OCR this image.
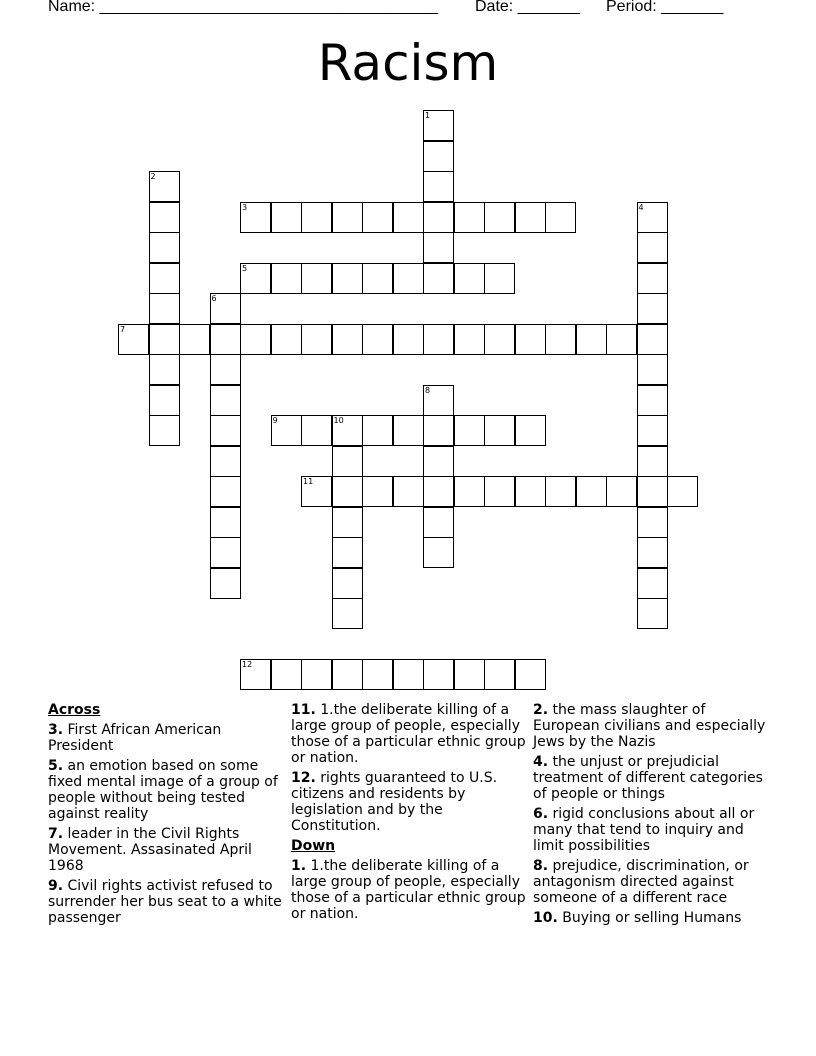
Name: ______________________________________ Date: _______ Period: _______
Racism
1
2
3	4
5
6
7
8
9	10
11
12
Across
3. First African American President
5. an emotion based on some fixed mental image of a group of people without being tested against reality
7. leader in the Civil Rights Movement. Assasinated April 1968
9. Civil rights activist refused to surrender her bus seat to a white passenger
11. 1.the deliberate killing of a large group of people, especially those of a particular ethnic group or nation.
12. rights guaranteed to U.S. citizens and residents by legislation and by the Constitution.
Down
1. 1.the deliberate killing of a large group of people, especially those of a particular ethnic group or nation.
2. the mass slaughter of European civilians and especially Jews by the Nazis
4. the unjust or prejudicial treatment of different categories of people or things
6. rigid conclusions about all or many that tend to inquiry and limit possibilities
8. prejudice, discrimination, or antagonism directed against someone of a different race
10. Buying or selling Humans
